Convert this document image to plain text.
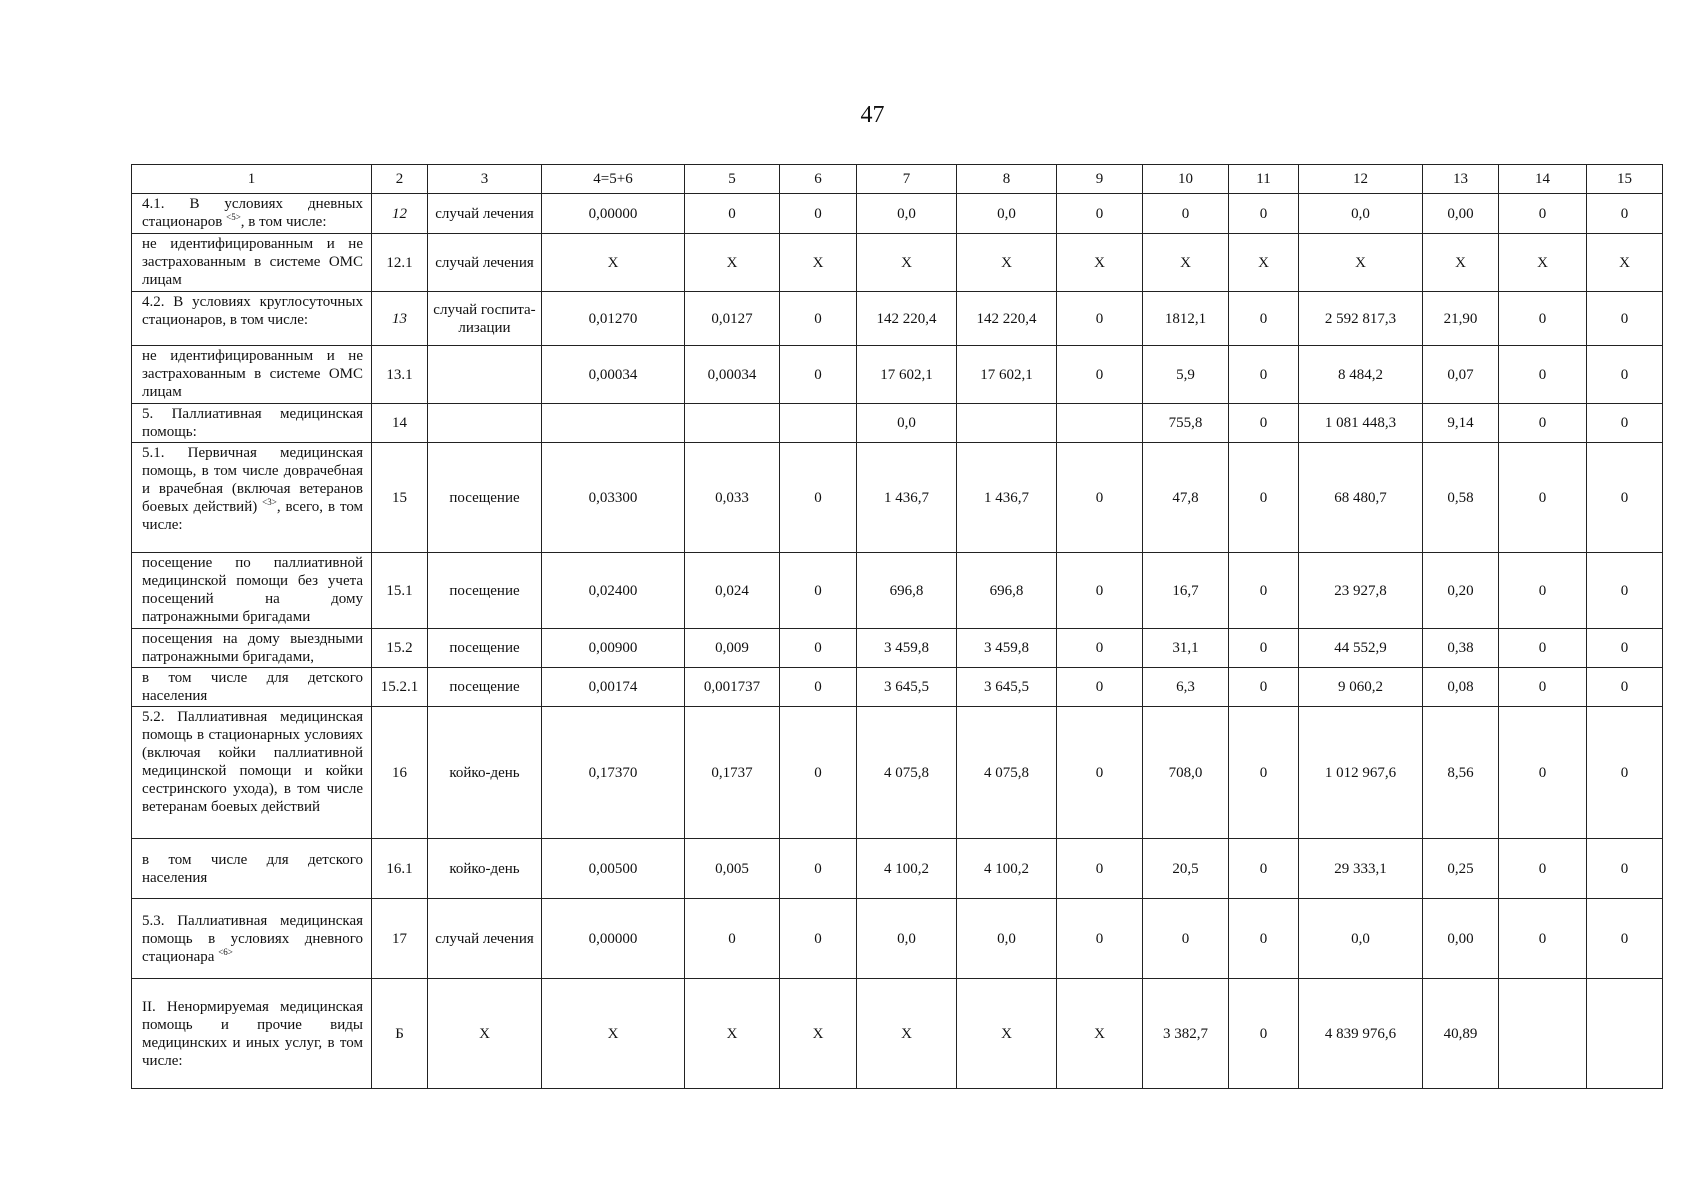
47
1	2	3	4=5+6	5	6	7	8	9	10	11	12	13	14	15
4.1. В условиях дневных стационаров $^{<5>}$, в том числе:	12	случай лечения	0,00000	0	0	0,0	0,0	0	0	0	0,0	0,00	0	0
не идентифицированным и не застрахованным в системе ОМС лицам	12.1	случай лечения	X	X	X	X	X	X	X	X	X	X	X	X
4.2. В условиях круглосуточных стационаров, в том числе:	13	случай госпита-лизации	0,01270	0,0127	0	142 220,4	142 220,4	0	1812,1	0	2 592 817,3	21,90	0	0
не идентифицированным и не застрахованным в системе ОМС лицам	13.1		0,00034	0,00034	0	17 602,1	17 602,1	0	5,9	0	8 484,2	0,07	0	0
5. Паллиативная медицинская помощь:	14					0,0			755,8	0	1 081 448,3	9,14	0	0
5.1. Первичная медицинская помощь, в том числе доврачебная и врачебная (включая ветеранов боевых действий) $^{<3>}$, всего, в том числе:	15	посещение	0,03300	0,033	0	1 436,7	1 436,7	0	47,8	0	68 480,7	0,58	0	0
посещение по паллиативной медицинской помощи без учета посещений на дому патронажными бригадами	15.1	посещение	0,02400	0,024	0	696,8	696,8	0	16,7	0	23 927,8	0,20	0	0
посещения на дому выездными патронажными бригадами,	15.2	посещение	0,00900	0,009	0	3 459,8	3 459,8	0	31,1	0	44 552,9	0,38	0	0
в том числе для детского населения	15.2.1	посещение	0,00174	0,001737	0	3 645,5	3 645,5	0	6,3	0	9 060,2	0,08	0	0
5.2. Паллиативная медицинская помощь в стационарных условиях (включая койки паллиативной медицинской помощи и койки сестринского ухода), в том числе ветеранам боевых действий	16	койко-день	0,17370	0,1737	0	4 075,8	4 075,8	0	708,0	0	1 012 967,6	8,56	0	0
в том числе для детского населения	16.1	койко-день	0,00500	0,005	0	4 100,2	4 100,2	0	20,5	0	29 333,1	0,25	0	0
5.3. Паллиативная медицинская помощь в условиях дневного стационара $^{<6>}$	17	случай лечения	0,00000	0	0	0,0	0,0	0	0	0	0,0	0,00	0	0
II. Ненормируемая медицинская помощь и прочие виды медицинских и иных услуг, в том числе:	Б	X	X	X	X	X	X	X	3 382,7	0	4 839 976,6	40,89		
